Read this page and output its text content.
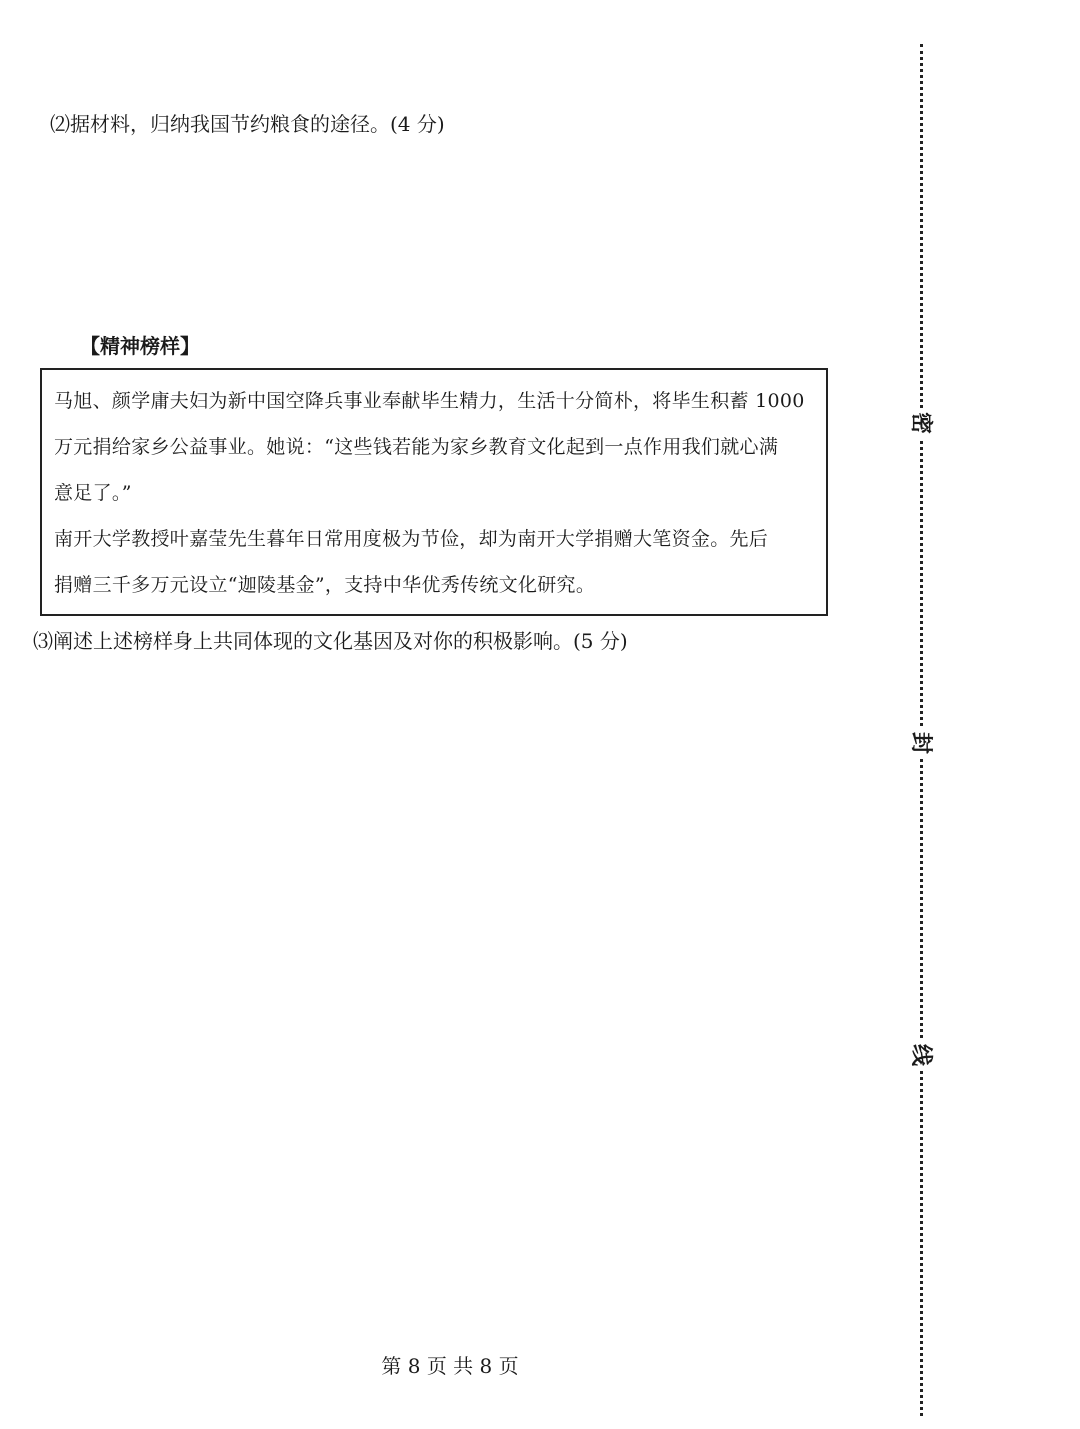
⑵据材料，归纳我国节约粮食的途径。(4 分)
【精神榜样】
马旭、颜学庸夫妇为新中国空降兵事业奉献毕生精力，生活十分简朴，将毕生积蓄 1000
万元捐给家乡公益事业。她说：“这些钱若能为家乡教育文化起到一点作用我们就心满
意足了。”
南开大学教授叶嘉莹先生暮年日常用度极为节俭，却为南开大学捐赠大笔资金。先后
捐赠三千多万元设立“迦陵基金”，支持中华优秀传统文化研究。
⑶阐述上述榜样身上共同体现的文化基因及对你的积极影响。(5 分)
第 8 页 共 8 页
密
封
线
